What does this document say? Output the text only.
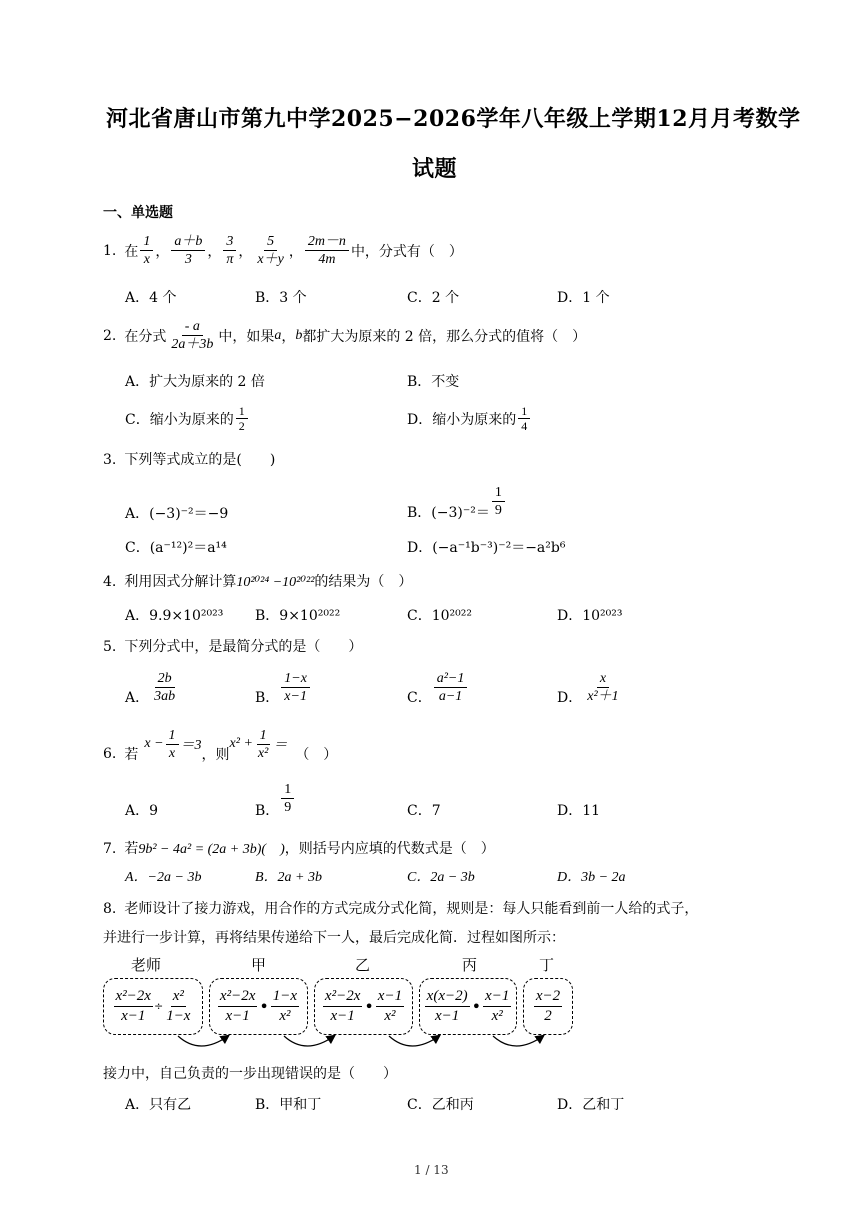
河北省唐山市第九中学2025−2026学年八年级上学期12月月考数学
试题
一、单选题
1. 在 $\frac{1}{x}$ ， $\frac{a+b}{3}$ ， $\frac{3}{\pi}$ ， $\frac{5}{x+y}$ ， $\frac{2m-n}{4m}$ 中，分式有（　）
A．4 个	B．3 个	C．2 个	D．1 个
2. 在分式 $\frac{- a}{2a+3b}$ 中，如果 a ， b 都扩大为原来的 2 倍，那么分式的值将（　）
A．扩大为原来的 2 倍	B．不变
C．缩小为原来的 $\frac{1}{2}$	D．缩小为原来的 $\frac{1}{4}$
3. 下列等式成立的是(　　)
A．(−3)⁻²＝−9	B．$(-3)^{-2}= \frac{1}{9}$
C．(a⁻¹²)²＝a¹⁴	D．(−a⁻¹b⁻³)⁻²＝−a²b⁶
4. 利用因式分解计算10²⁰²⁴ −10²⁰²²的结果为（　）
A．9.9×10²⁰²³ B．9×10²⁰²²	C．10²⁰²²	D．10²⁰²³
5. 下列分式中，是最简分式的是（　　）
A． $\frac{2b}{3ab}$	B． $\frac{1-x}{x-1}$	C． $\frac{\text{a²−1}}{a-1}$	D． $\frac{x}{\text{x²＋1}}$
6. 若
$x - \frac{1}{x} =3$
，则
$x^2 + \frac{1}{\text{x²}}$ ＝
（　）
A．9	B． $\frac{1}{9}$	C．7	D．11
7. 若9b² − 4a² = (2a + 3b)(　)，则括号内应填的代数式是（　）
A．−2a − 3b	B．2a + 3b	C．2a − 3b	D．3b − 2a
8. 老师设计了接力游戏，用合作的方式完成分式化简，规则是：每人只能看到前一人给的式子，
并进行一步计算，再将结果传递给下一人，最后完成化简．过程如图所示：
老师	甲	乙	丙	丁
$\frac{\text{x²−2x}}{x-1} \div \frac{\text{x²}}{1-x} \frac{\text{x²−2x}}{x-1}$ • $\frac{1-x}{\text{x²}} \frac{\text{x²−2x}}{x-1}$ • $\frac{x-1}{\text{x²}} \frac{x(x-2)}{x-1}$ • $\frac{x-1}{\text{x²}} \frac{x-2}{2}$
接力中，自己负责的一步出现错误的是（　　）
A．只有乙	B．甲和丁	C．乙和丙	D．乙和丁
1 / 13
